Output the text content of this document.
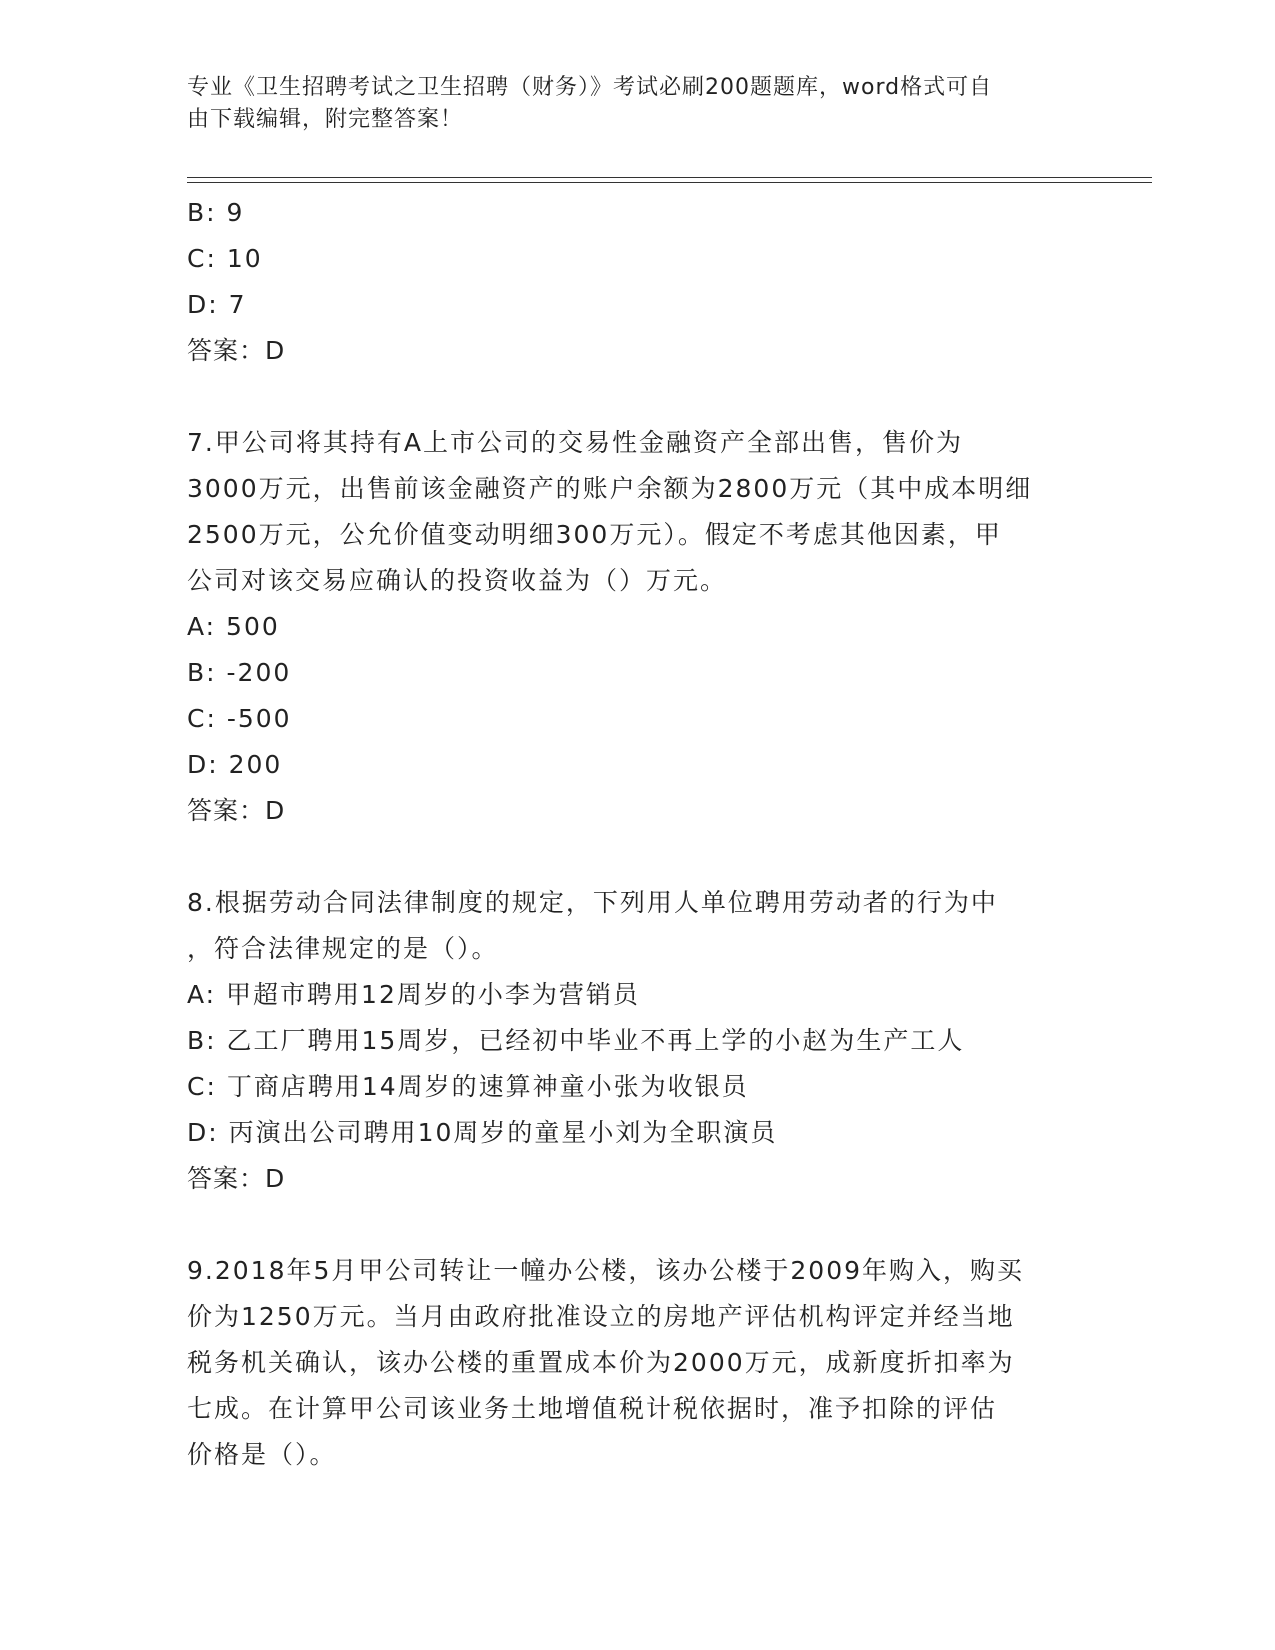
专业《卫生招聘考试之卫生招聘（财务）》考试必刷200题题库，word格式可自
由下载编辑，附完整答案！
B: 9
C: 10
D: 7
答案：D
7.甲公司将其持有A上市公司的交易性金融资产全部出售，售价为
3000万元，出售前该金融资产的账户余额为2800万元（其中成本明细
2500万元，公允价值变动明细300万元）。假定不考虑其他因素，甲
公司对该交易应确认的投资收益为（）万元。
A: 500
B: -200
C: -500
D: 200
答案：D
8.根据劳动合同法律制度的规定，下列用人单位聘用劳动者的行为中
，符合法律规定的是（）。
A: 甲超市聘用12周岁的小李为营销员
B: 乙工厂聘用15周岁，已经初中毕业不再上学的小赵为生产工人
C: 丁商店聘用14周岁的速算神童小张为收银员
D: 丙演出公司聘用10周岁的童星小刘为全职演员
答案：D
9.2018年5月甲公司转让一幢办公楼，该办公楼于2009年购入，购买
价为1250万元。当月由政府批准设立的房地产评估机构评定并经当地
税务机关确认，该办公楼的重置成本价为2000万元，成新度折扣率为
七成。在计算甲公司该业务土地增值税计税依据时，准予扣除的评估
价格是（）。
